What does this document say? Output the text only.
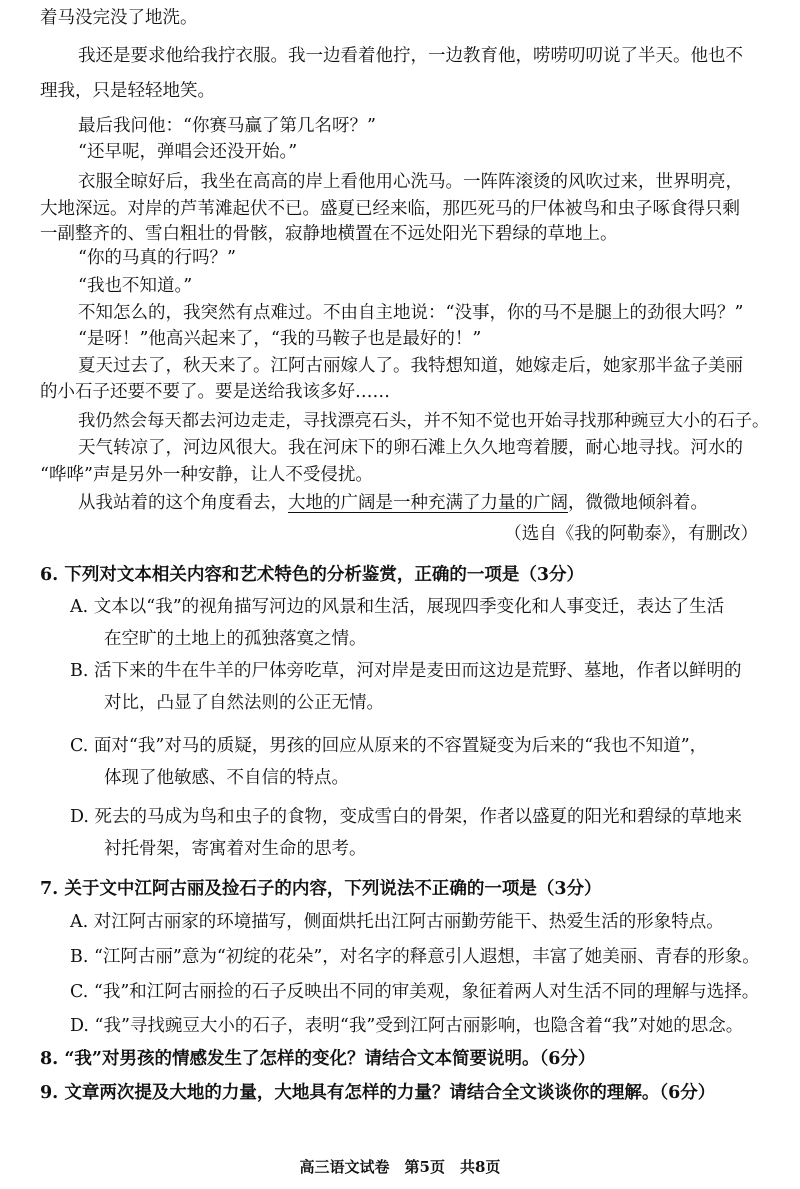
着马没完没了地洗。
我还是要求他给我拧衣服。我一边看着他拧，一边教育他，唠唠叨叨说了半天。他也不
理我，只是轻轻地笑。
最后我问他：“你赛马赢了第几名呀？”
“还早呢，弹唱会还没开始。”
衣服全晾好后，我坐在高高的岸上看他用心洗马。一阵阵滚烫的风吹过来，世界明亮，
大地深远。对岸的芦苇滩起伏不已。盛夏已经来临，那匹死马的尸体被鸟和虫子啄食得只剩
一副整齐的、雪白粗壮的骨骸，寂静地横置在不远处阳光下碧绿的草地上。
“你的马真的行吗？”
“我也不知道。”
不知怎么的，我突然有点难过。不由自主地说：“没事，你的马不是腿上的劲很大吗？”
“是呀！”他高兴起来了，“我的马鞍子也是最好的！”
夏天过去了，秋天来了。江阿古丽嫁人了。我特想知道，她嫁走后，她家那半盆子美丽
的小石子还要不要了。要是送给我该多好……
我仍然会每天都去河边走走，寻找漂亮石头，并不知不觉也开始寻找那种豌豆大小的石子。
天气转凉了，河边风很大。我在河床下的卵石滩上久久地弯着腰，耐心地寻找。河水的
“哗哗”声是另外一种安静，让人不受侵扰。
从我站着的这个角度看去，大地的广阔是一种充满了力量的广阔，微微地倾斜着。
（选自《我的阿勒泰》，有删改）
6. 下列对文本相关内容和艺术特色的分析鉴赏，正确的一项是（3分）
A. 文本以“我”的视角描写河边的风景和生活，展现四季变化和人事变迁，表达了生活
在空旷的土地上的孤独落寞之情。
B. 活下来的牛在牛羊的尸体旁吃草，河对岸是麦田而这边是荒野、墓地，作者以鲜明的
对比，凸显了自然法则的公正无情。
C. 面对“我”对马的质疑，男孩的回应从原来的不容置疑变为后来的“我也不知道”，
体现了他敏感、不自信的特点。
D. 死去的马成为鸟和虫子的食物，变成雪白的骨架，作者以盛夏的阳光和碧绿的草地来
衬托骨架，寄寓着对生命的思考。
7. 关于文中江阿古丽及捡石子的内容，下列说法不正确的一项是（3分）
A. 对江阿古丽家的环境描写，侧面烘托出江阿古丽勤劳能干、热爱生活的形象特点。
B. “江阿古丽”意为“初绽的花朵”，对名字的释意引人遐想，丰富了她美丽、青春的形象。
C. “我”和江阿古丽捡的石子反映出不同的审美观，象征着两人对生活不同的理解与选择。
D. “我”寻找豌豆大小的石子，表明“我”受到江阿古丽影响，也隐含着“我”对她的思念。
8. “我”对男孩的情感发生了怎样的变化？请结合文本简要说明。（6分）
9. 文章两次提及大地的力量，大地具有怎样的力量？请结合全文谈谈你的理解。（6分）
高三语文试卷　第5页　共8页
